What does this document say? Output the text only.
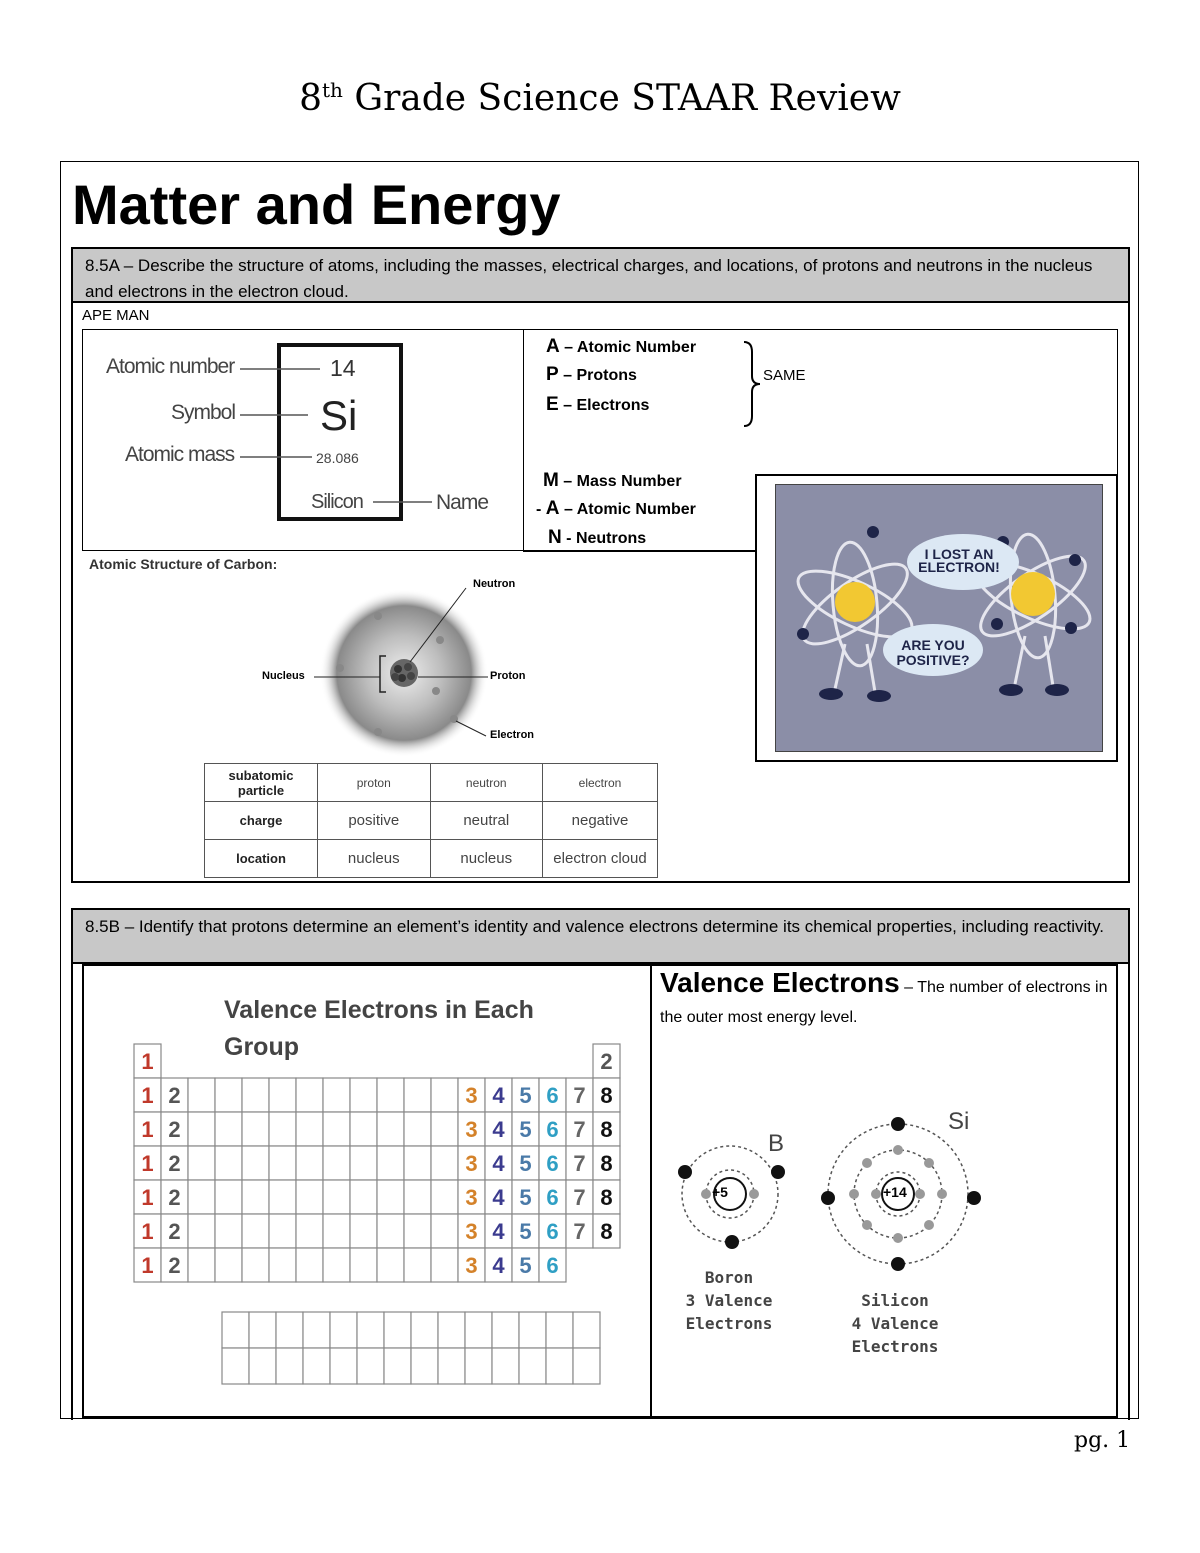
8th Grade Science STAAR Review
Matter and Energy
8.5A – Describe the structure of atoms, including the masses, electrical charges, and locations, of protons and neutrons in the nucleus and electrons in the electron cloud.
APE MAN
Atomic number	14
Symbol Si
Atomic mass	28.086
Silicon	Name
A – Atomic Number
P – Protons
E – Electrons
SAME
M – Mass Number
- A – Atomic Number
N - Neutrons
Atomic Structure of Carbon:
Neutron
Proton
Nucleus
Electron
I LOST AN ELECTRON!
ARE YOU POSITIVE?
subatomic particle	proton	neutron	electron
charge	positive	neutral	negative
location	nucleus	nucleus	electron cloud
8.5B – Identify that protons determine an element’s identity and valence electrons determine its chemical properties, including reactivity.
Valence Electrons in Each
Group
1	2
1 2	3 4 5 6 7 8
1 2	3 4 5 6 7 8
1 2	3 4 5 6 7 8
1 2	3 4 5 6 7 8
1 2	3 4 5 6 7 8
1 2	3 4 5 6
Valence Electrons – The number of electrons in the outer most energy level.
+5	+14
B
Si
Boron
3 Valence
Electrons
Silicon
4 Valence
Electrons
pg. 1
